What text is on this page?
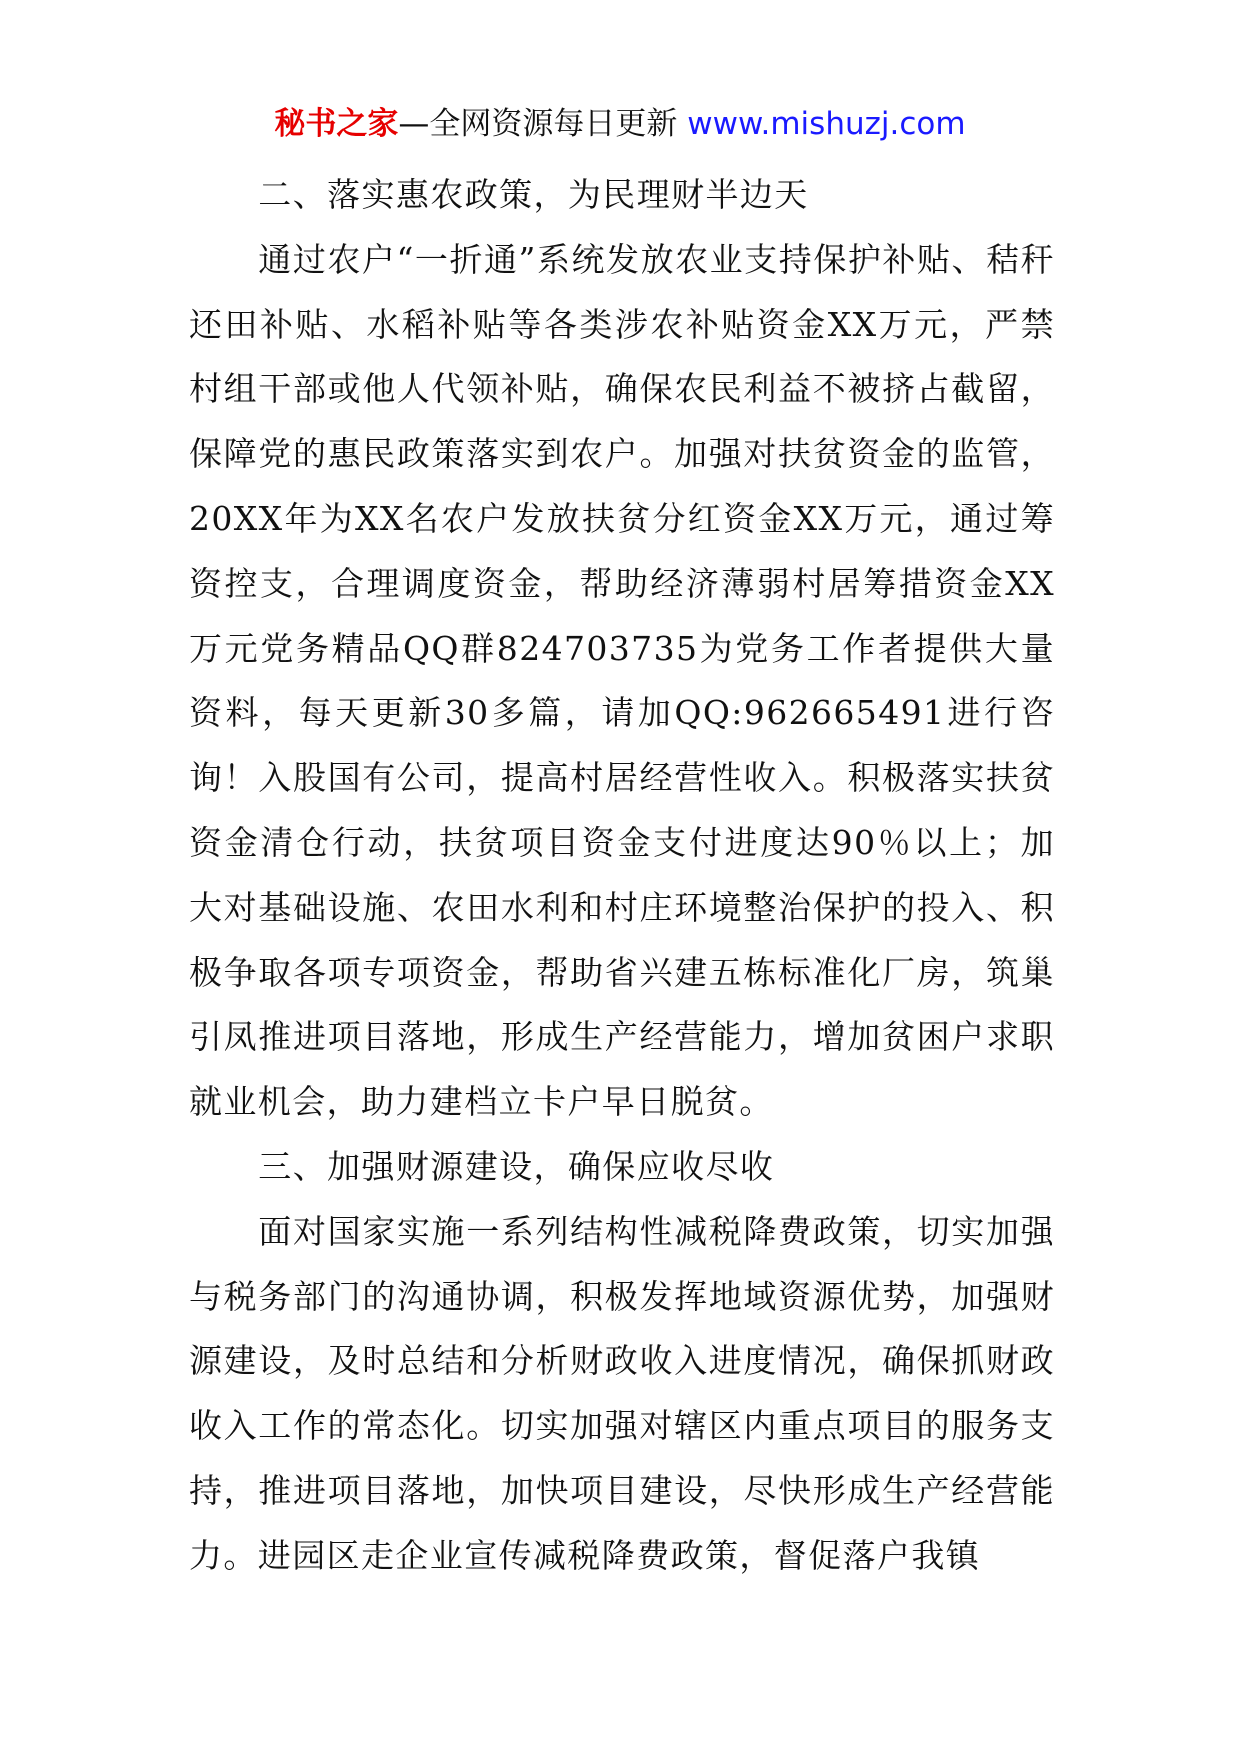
秘书之家—全网资源每日更新 www.mishuzj.com

二、落实惠农政策，为民理财半边天

通过农户“一折通”系统发放农业支持保护补贴、秸秆还田补贴、水稻补贴等各类涉农补贴资金XX万元，严禁村组干部或他人代领补贴，确保农民利益不被挤占截留，保障党的惠民政策落实到农户。加强对扶贫资金的监管，20XX年为XX名农户发放扶贫分红资金XX万元，通过筹资控支，合理调度资金，帮助经济薄弱村居筹措资金XX万元党务精品QQ群824703735为党务工作者提供大量资料，每天更新30多篇，请加QQ:962665491进行咨询！入股国有公司，提高村居经营性收入。积极落实扶贫资金清仓行动，扶贫项目资金支付进度达90％以上；加大对基础设施、农田水利和村庄环境整治保护的投入、积极争取各项专项资金，帮助省兴建五栋标准化厂房，筑巢引凤推进项目落地，形成生产经营能力，增加贫困户求职就业机会，助力建档立卡户早日脱贫。

三、加强财源建设，确保应收尽收

面对国家实施一系列结构性减税降费政策，切实加强与税务部门的沟通协调，积极发挥地域资源优势，加强财源建设，及时总结和分析财政收入进度情况，确保抓财政收入工作的常态化。切实加强对辖区内重点项目的服务支持，推进项目落地，加快项目建设，尽快形成生产经营能力。进园区走企业宣传减税降费政策，督促落户我镇
